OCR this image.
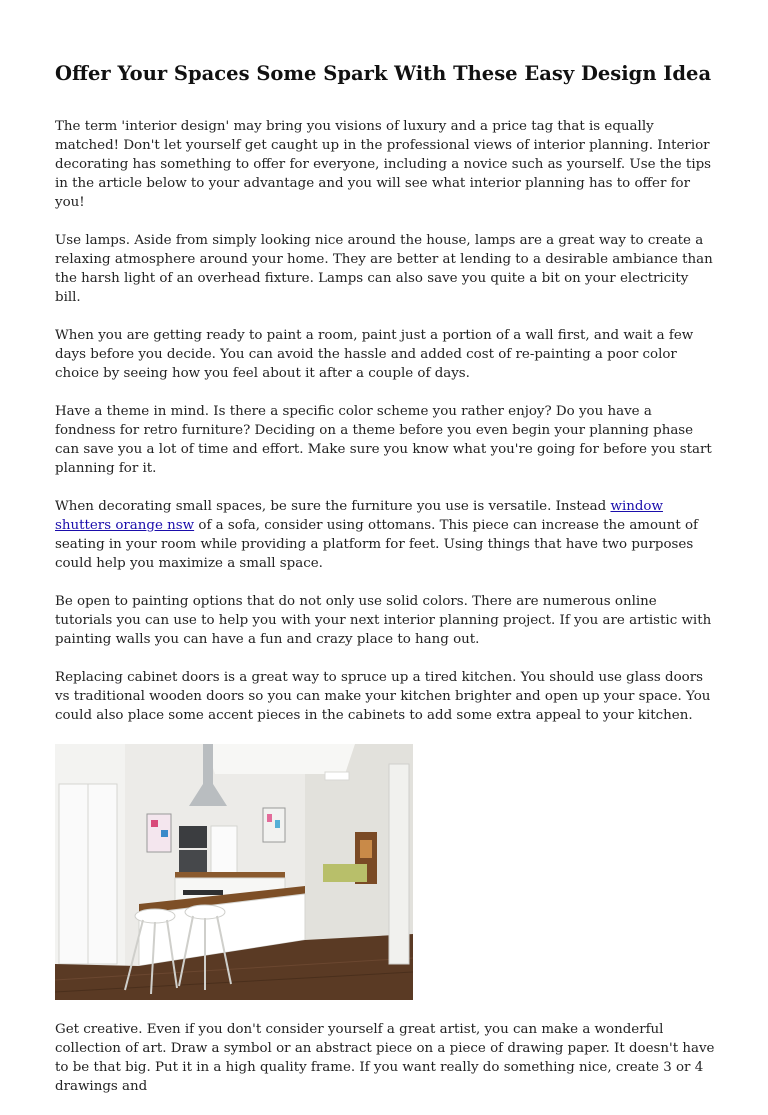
Offer Your Spaces Some Spark With These Easy Design Idea

The term 'interior design' may bring you visions of luxury and a price tag that is equally matched! Don't let yourself get caught up in the professional views of interior planning. Interior decorating has something to offer for everyone, including a novice such as yourself. Use the tips in the article below to your advantage and you will see what interior planning has to offer for you!

Use lamps. Aside from simply looking nice around the house, lamps are a great way to create a relaxing atmosphere around your home. They are better at lending to a desirable ambiance than the harsh light of an overhead fixture. Lamps can also save you quite a bit on your electricity bill.

When you are getting ready to paint a room, paint just a portion of a wall first, and wait a few days before you decide. You can avoid the hassle and added cost of re-painting a poor color choice by seeing how you feel about it after a couple of days.

Have a theme in mind. Is there a specific color scheme you rather enjoy? Do you have a fondness for retro furniture? Deciding on a theme before you even begin your planning phase can save you a lot of time and effort. Make sure you know what you're going for before you start planning for it.

When decorating small spaces, be sure the furniture you use is versatile. Instead window shutters orange nsw of a sofa, consider using ottomans. This piece can increase the amount of seating in your room while providing a platform for feet. Using things that have two purposes could help you maximize a small space.

Be open to painting options that do not only use solid colors. There are numerous online tutorials you can use to help you with your next interior planning project. If you are artistic with painting walls you can have a fun and crazy place to hang out.

Replacing cabinet doors is a great way to spruce up a tired kitchen. You should use glass doors vs traditional wooden doors so you can make your kitchen brighter and open up your space. You could also place some accent pieces in the cabinets to add some extra appeal to your kitchen.

Get creative. Even if you don't consider yourself a great artist, you can make a wonderful collection of art. Draw a symbol or an abstract piece on a piece of drawing paper. It doesn't have to be that big. Put it in a high quality frame. If you want really do something nice, create 3 or 4 drawings and
